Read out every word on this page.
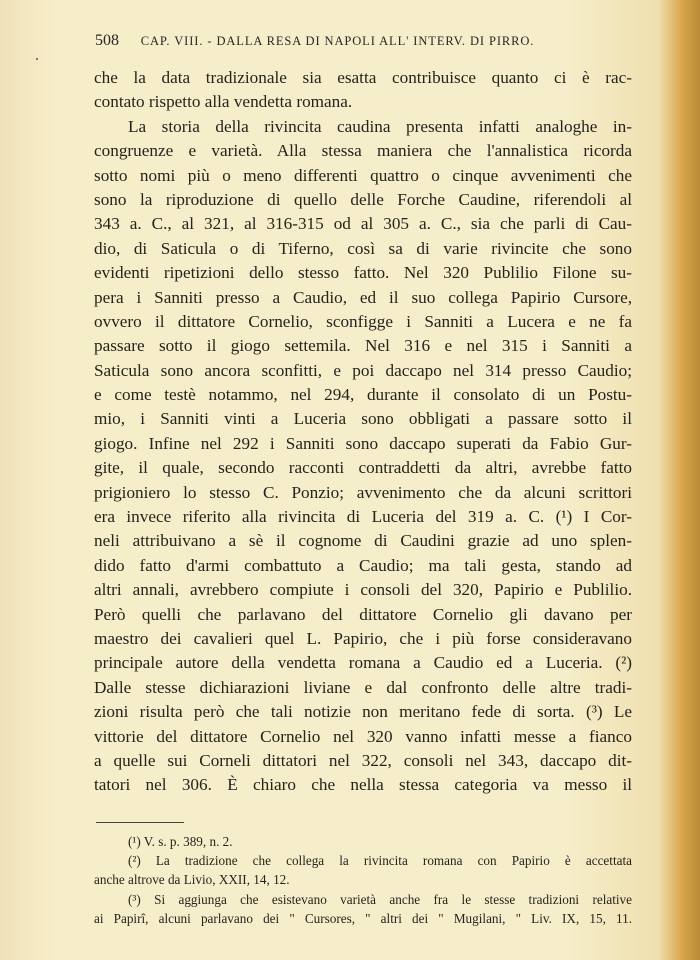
508 CAP. VIII. - DALLA RESA DI NAPOLI ALL' INTERV. DI PIRRO.
che la data tradizionale sia esatta contribuisce quanto ci è rac-
contato rispetto alla vendetta romana.
La storia della rivincita caudina presenta infatti analoghe in-
congruenze e varietà. Alla stessa maniera che l'annalistica ricorda
sotto nomi più o meno differenti quattro o cinque avvenimenti che
sono la riproduzione di quello delle Forche Caudine, riferendoli al
343 a. C., al 321, al 316-315 od al 305 a. C., sia che parli di Cau-
dio, di Saticula o di Tiferno, così sa di varie rivincite che sono
evidenti ripetizioni dello stesso fatto. Nel 320 Publilio Filone su-
pera i Sanniti presso a Caudio, ed il suo collega Papirio Cursore,
ovvero il dittatore Cornelio, sconfigge i Sanniti a Lucera e ne fa
passare sotto il giogo settemila. Nel 316 e nel 315 i Sanniti a
Saticula sono ancora sconfitti, e poi daccapo nel 314 presso Caudio;
e come testè notammo, nel 294, durante il consolato di un Postu-
mio, i Sanniti vinti a Luceria sono obbligati a passare sotto il
giogo. Infine nel 292 i Sanniti sono daccapo superati da Fabio Gur-
gite, il quale, secondo racconti contraddetti da altri, avrebbe fatto
prigioniero lo stesso C. Ponzio; avvenimento che da alcuni scrittori
era invece riferito alla rivincita di Luceria del 319 a. C. (¹) I Cor-
neli attribuivano a sè il cognome di Caudini grazie ad uno splen-
dido fatto d'armi combattuto a Caudio; ma tali gesta, stando ad
altri annali, avrebbero compiute i consoli del 320, Papirio e Publilio.
Però quelli che parlavano del dittatore Cornelio gli davano per
maestro dei cavalieri quel L. Papirio, che i più forse consideravano
principale autore della vendetta romana a Caudio ed a Luceria. (²)
Dalle stesse dichiarazioni liviane e dal confronto delle altre tradi-
zioni risulta però che tali notizie non meritano fede di sorta. (³) Le
vittorie del dittatore Cornelio nel 320 vanno infatti messe a fianco
a quelle sui Corneli dittatori nel 322, consoli nel 343, daccapo dit-
tatori nel 306. È chiaro che nella stessa categoria va messo il
(¹) V. s. p. 389, n. 2.
(²) La tradizione che collega la rivincita romana con Papirio è accettata
anche altrove da Livio, XXII, 14, 12.
(³) Si aggiunga che esistevano varietà anche fra le stesse tradizioni relative
ai Papirî, alcuni parlavano dei " Cursores, " altri dei " Mugilani, " Liv. IX, 15, 11.
